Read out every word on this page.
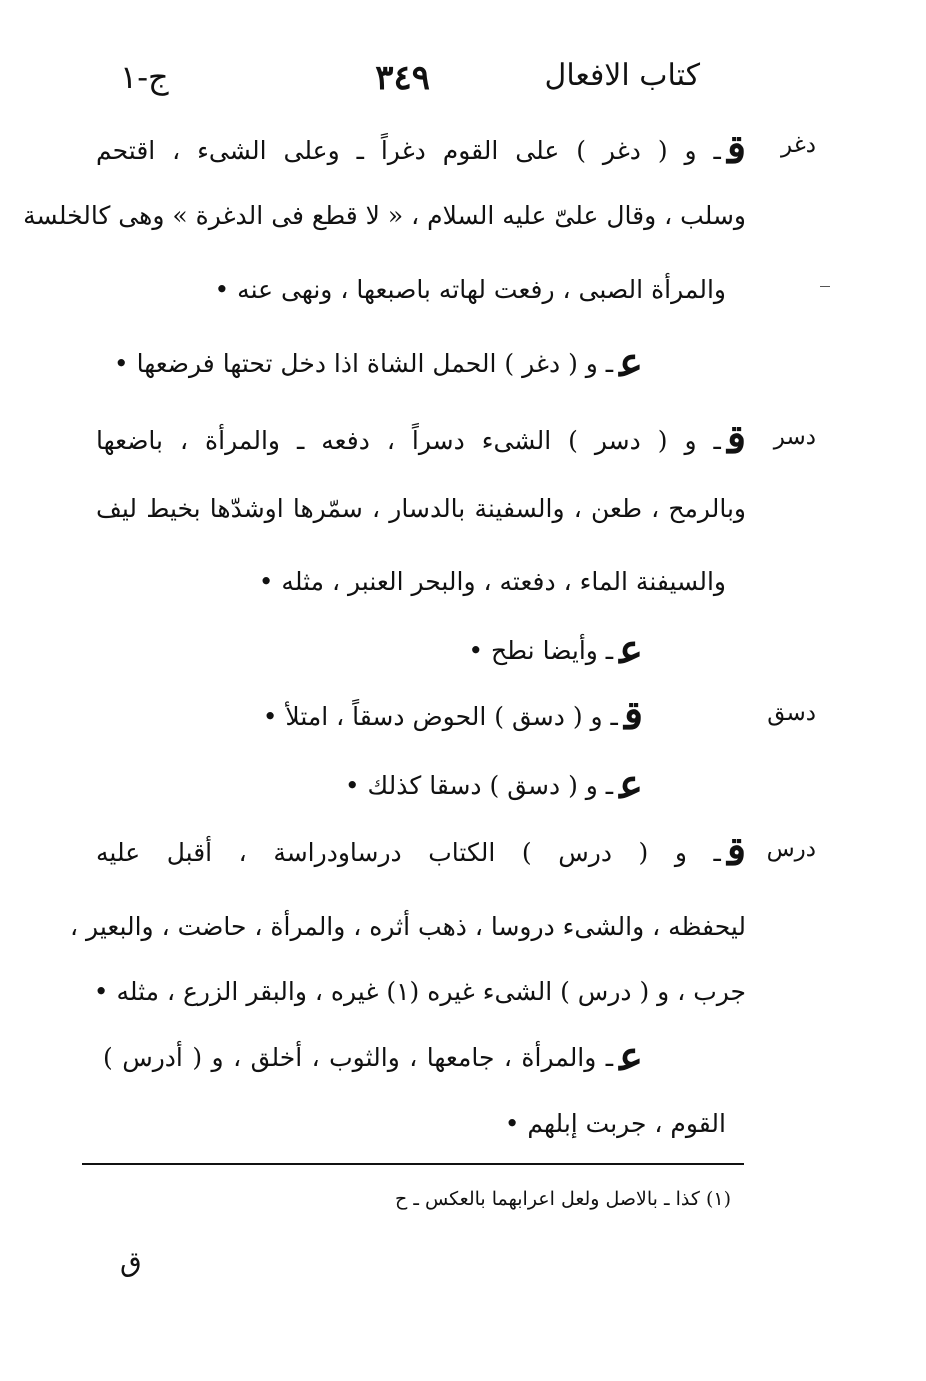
كتاب الافعال
٣٤٩
ج-١
دغر
قـ و ( دغر ) على القوم دغراً ـ وعلى الشىء ، اقتحم
وسلب ، وقال علىّ عليه السلام ، « لا قطع فى الدغرة » وهى كالخلسة
والمرأة الصبى ، رفعت لهاته باصبعها ، ونهى عنه •
عـ و ( دغر ) الحمل الشاة اذا دخل تحتها فرضعها •
دسر
قـ و ( دسر ) الشىء دسراً ، دفعه ـ والمرأة ، باضعها
وبالرمح ، طعن ، والسفينة بالدسار ، سمّرها اوشدّها بخيط ليف
والسيفنة الماء ، دفعته ، والبحر العنبر ، مثله •
عـ وأيضا نطح •
دسق
قـ و ( دسق ) الحوض دسقاً ، امتلأ •
عـ و ( دسق ) دسقا كذلك •
درس
قـ و ( درس ) الكتاب درساودراسة ، أقبل عليه
ليحفظه ، والشىء دروسا ، ذهب أثره ، والمرأة ، حاضت ، والبعير ،
جرب ، و ( درس ) الشىء غيره (١) غيره ، والبقر الزرع ، مثله •
عـ والمرأة ، جامعها ، والثوب ، أخلق ، و ( أدرس )
القوم ، جربت إبلهم •
(١) كذا ـ بالاصل ولعل اعرابهما بالعكس ـ ح
ق
